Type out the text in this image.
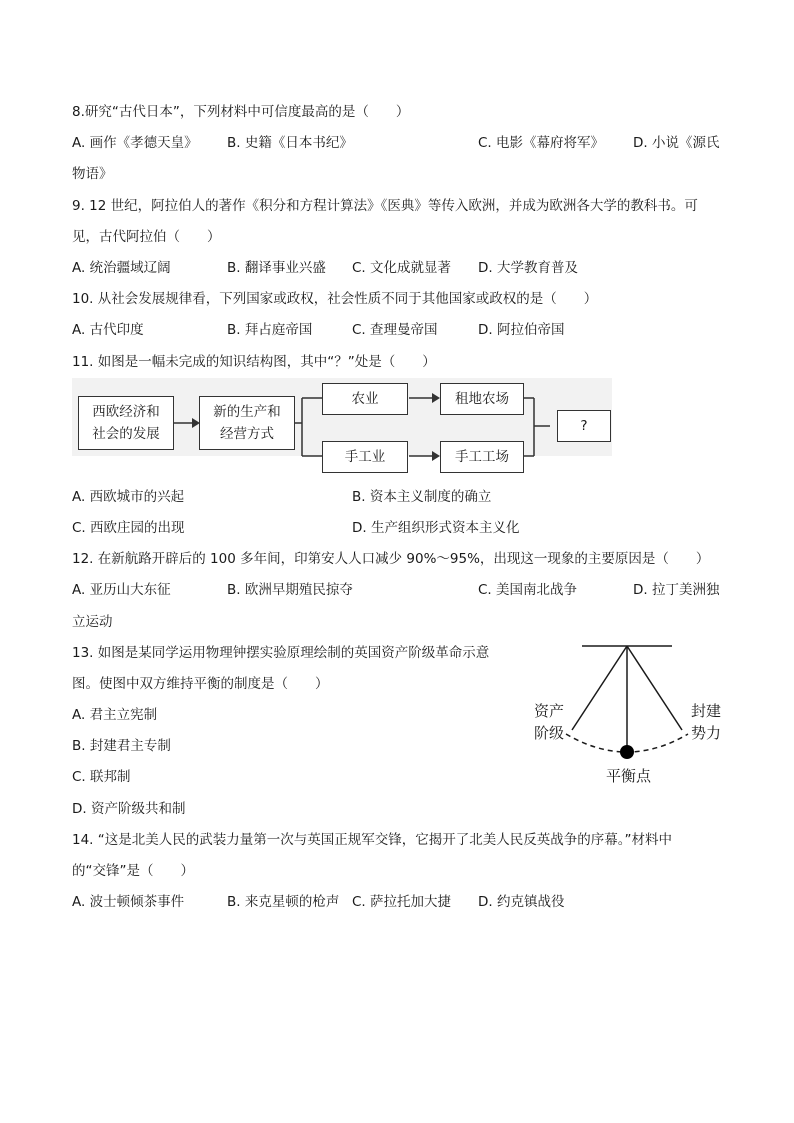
8.研究“古代日本”，下列材料中可信度最高的是（　　）
A. 画作《孝德天皇》 B. 史籍《日本书纪》	C. 电影《幕府将军》 D. 小说《源氏
物语》
9. 12 世纪，阿拉伯人的著作《积分和方程计算法》《医典》等传入欧洲，并成为欧洲各大学的教科书。可
见，古代阿拉伯（　　）
A. 统治疆域辽阔	B. 翻译事业兴盛 C. 文化成就显著 D. 大学教育普及
10. 从社会发展规律看，下列国家或政权，社会性质不同于其他国家或政权的是（　　）
A. 古代印度	B. 拜占庭帝国	C. 查理曼帝国	D. 阿拉伯帝国
11. 如图是一幅未完成的知识结构图，其中“？”处是（　　）
西欧经济和
社会的发展
新的生产和
经营方式
农业	租地农场
手工业	手工工场
?
A. 西欧城市的兴起	B. 资本主义制度的确立
C. 西欧庄园的出现	D. 生产组织形式资本主义化
12. 在新航路开辟后的 100 多年间，印第安人人口减少 90%～95%，出现这一现象的主要原因是（　　）
A. 亚历山大东征	B. 欧洲早期殖民掠夺	C. 美国南北战争	D. 拉丁美洲独
立运动
13. 如图是某同学运用物理钟摆实验原理绘制的英国资产阶级革命示意
图。使图中双方维持平衡的制度是（　　）
A. 君主立宪制
B. 封建君主专制
C. 联邦制
D. 资产阶级共和制
资产
阶级
封建
势力
平衡点
14. “这是北美人民的武装力量第一次与英国正规军交锋，它揭开了北美人民反英战争的序幕。”材料中
的“交锋”是（　　）
A. 波士顿倾茶事件	B. 来克星顿的枪声 C. 萨拉托加大捷 D. 约克镇战役
